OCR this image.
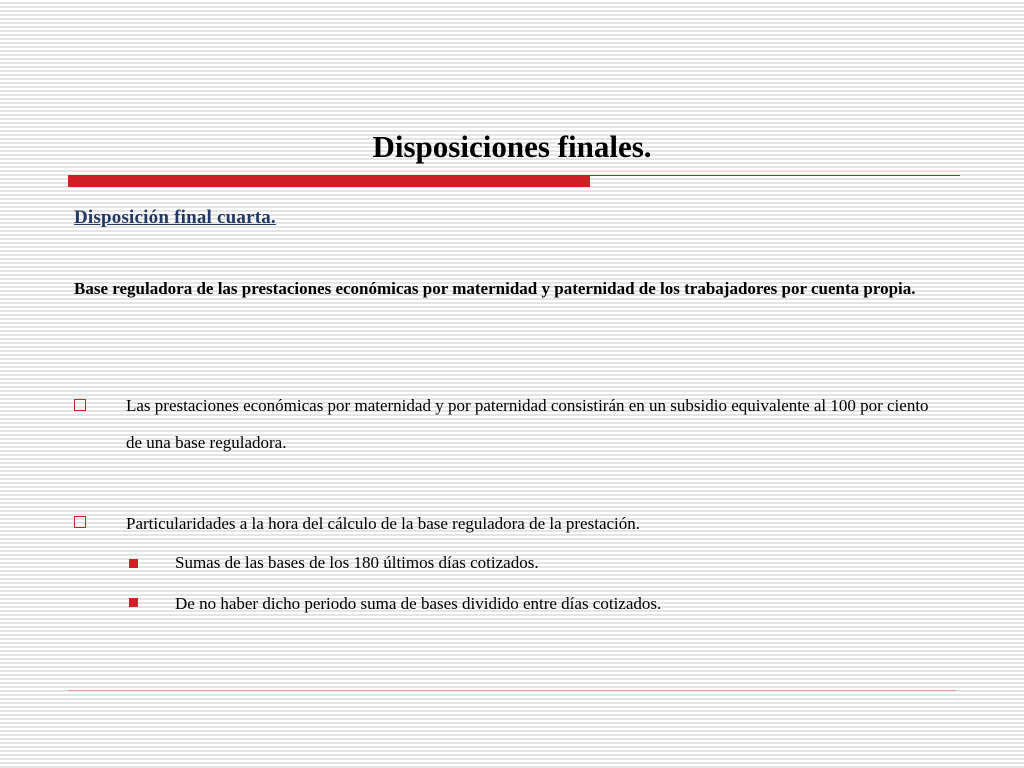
Disposiciones finales.
Disposición final cuarta.
Base reguladora de las prestaciones económicas por maternidad y paternidad de los trabajadores por cuenta propia.
Las prestaciones económicas por maternidad y por paternidad consistirán en un subsidio equivalente al 100 por ciento de una base reguladora.
Particularidades a la hora del cálculo de la base reguladora de la prestación.
Sumas de las bases de los 180 últimos días cotizados.
De no haber dicho periodo suma de bases dividido entre días cotizados.
